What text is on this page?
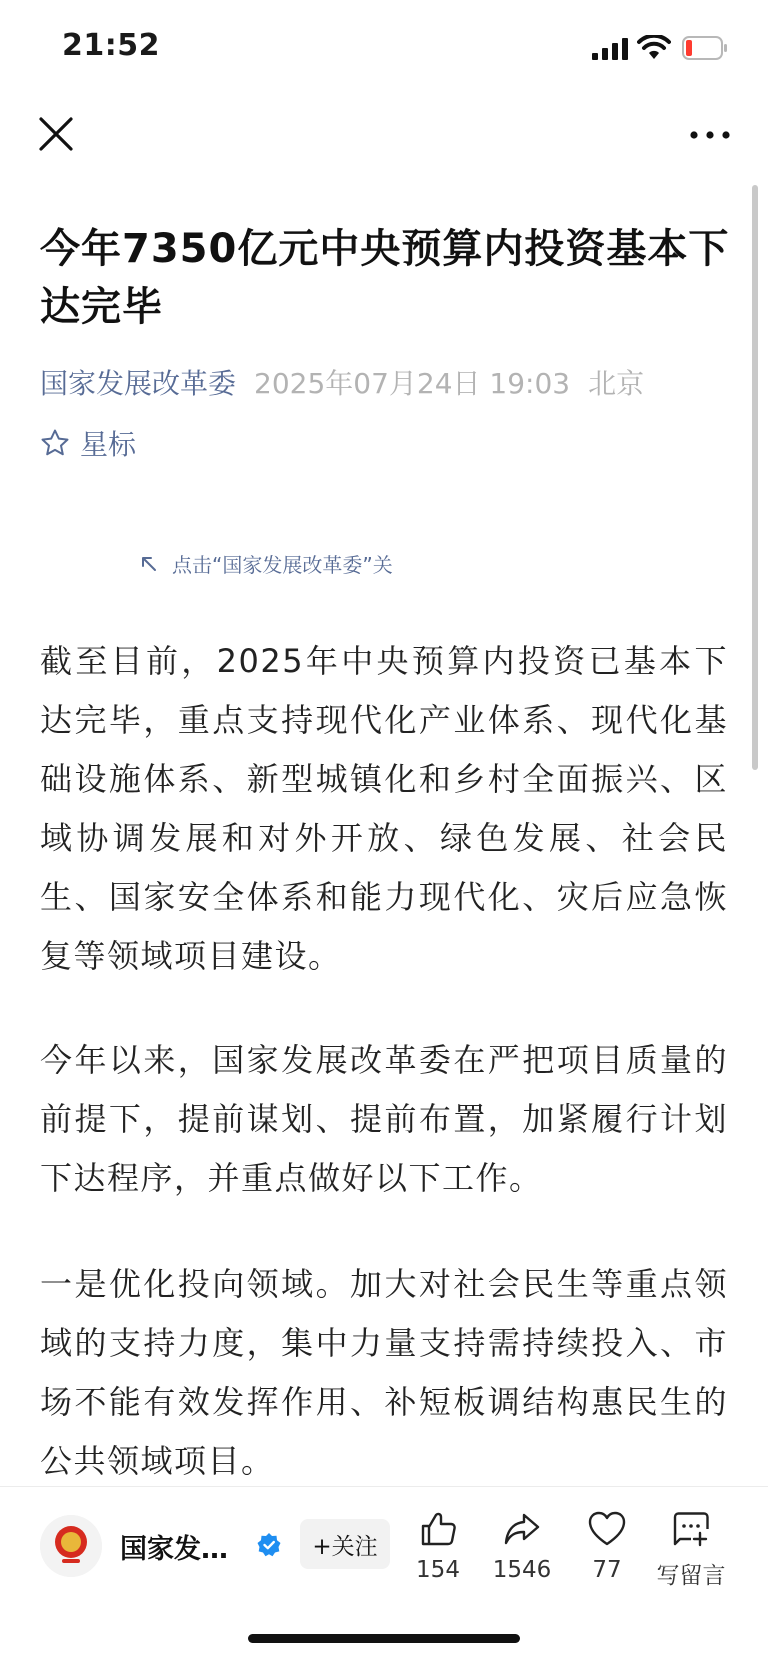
21:52
今年7350亿元中央预算内投资基本下达完毕
国家发展改革委 2025年07月24日 19:03 北京
星标
点击“国家发展改革委”关

截至目前，2025年中央预算内投资已基本下达完毕，重点支持现代化产业体系、现代化基础设施体系、新型城镇化和乡村全面振兴、区域协调发展和对外开放、绿色发展、社会民生、国家安全体系和能力现代化、灾后应急恢复等领域项目建设。

今年以来，国家发展改革委在严把项目质量的前提下，提前谋划、提前布置，加紧履行计划下达程序，并重点做好以下工作。

一是优化投向领域。加大对社会民生等重点领域的支持力度，集中力量支持需持续投入、市场不能有效发挥作用、补短板调结构惠民生的公共领域项目。

国家发…	+关注
154	1546	77	写留言
